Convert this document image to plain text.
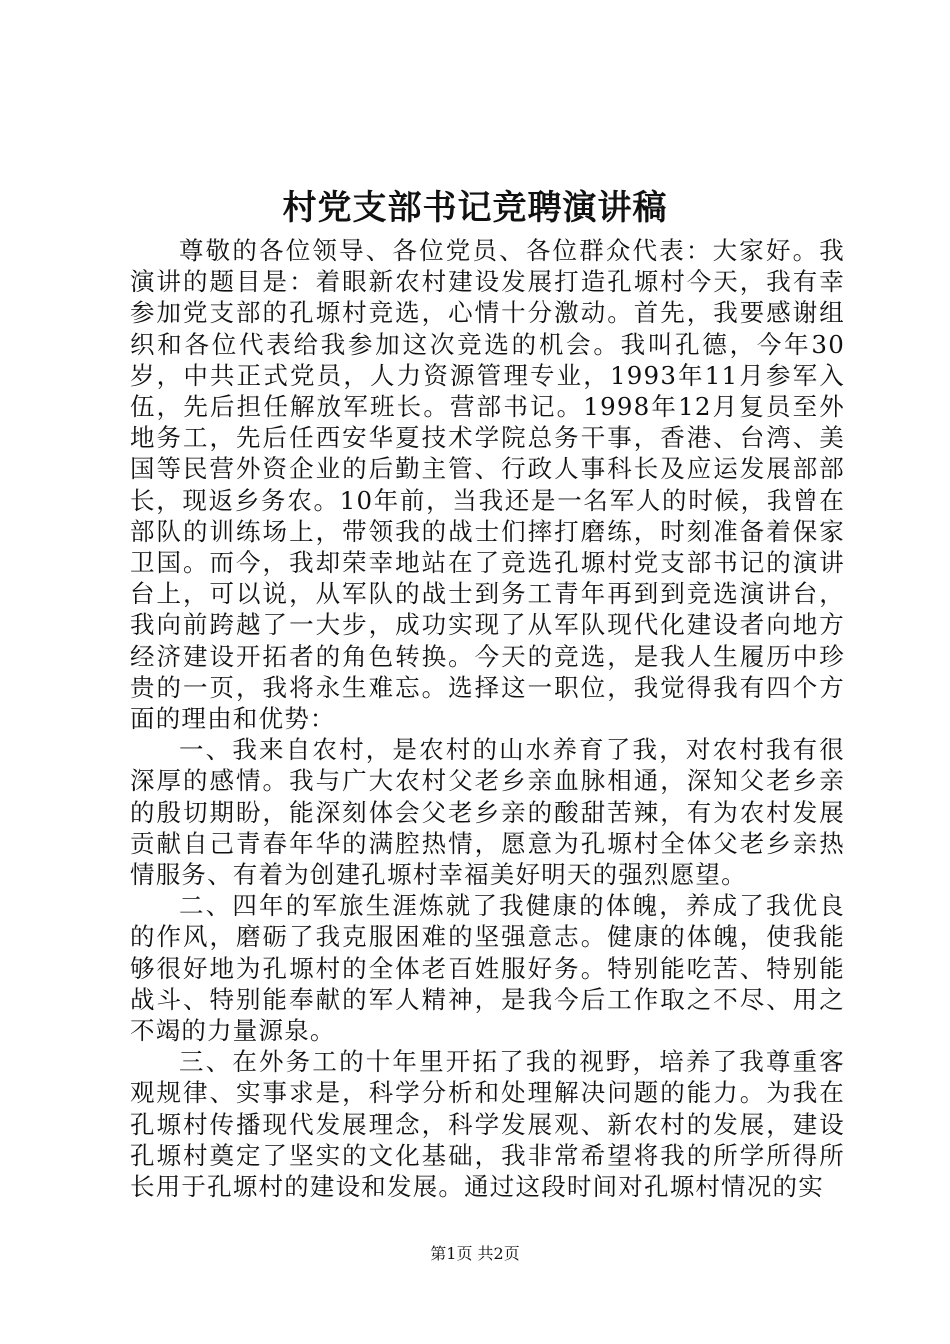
村党支部书记竞聘演讲稿

尊敬的各位领导、各位党员、各位群众代表：大家好。我演讲的题目是：着眼新农村建设发展打造孔塬村今天，我有幸参加党支部的孔塬村竞选，心情十分激动。首先，我要感谢组织和各位代表给我参加这次竞选的机会。我叫孔德，今年30岁，中共正式党员，人力资源管理专业，1993年11月参军入伍，先后担任解放军班长。营部书记。1998年12月复员至外地务工，先后任西安华夏技术学院总务干事，香港、台湾、美国等民营外资企业的后勤主管、行政人事科长及应运发展部部长，现返乡务农。10年前，当我还是一名军人的时候，我曾在部队的训练场上，带领我的战士们摔打磨练，时刻准备着保家卫国。而今，我却荣幸地站在了竞选孔塬村党支部书记的演讲台上，可以说，从军队的战士到务工青年再到到竞选演讲台，我向前跨越了一大步，成功实现了从军队现代化建设者向地方经济建设开拓者的角色转换。今天的竞选，是我人生履历中珍贵的一页，我将永生难忘。选择这一职位，我觉得我有四个方面的理由和优势：

一、我来自农村，是农村的山水养育了我，对农村我有很深厚的感情。我与广大农村父老乡亲血脉相通，深知父老乡亲的殷切期盼，能深刻体会父老乡亲的酸甜苦辣，有为农村发展贡献自己青春年华的满腔热情，愿意为孔塬村全体父老乡亲热情服务、有着为创建孔塬村幸福美好明天的强烈愿望。

二、四年的军旅生涯炼就了我健康的体魄，养成了我优良的作风，磨砺了我克服困难的坚强意志。健康的体魄，使我能够很好地为孔塬村的全体老百姓服好务。特别能吃苦、特别能战斗、特别能奉献的军人精神，是我今后工作取之不尽、用之不竭的力量源泉。

三、在外务工的十年里开拓了我的视野，培养了我尊重客观规律、实事求是，科学分析和处理解决问题的能力。为我在孔塬村传播现代发展理念，科学发展观、新农村的发展，建设孔塬村奠定了坚实的文化基础，我非常希望将我的所学所得所长用于孔塬村的建设和发展。通过这段时间对孔塬村情况的实

第1页 共2页
